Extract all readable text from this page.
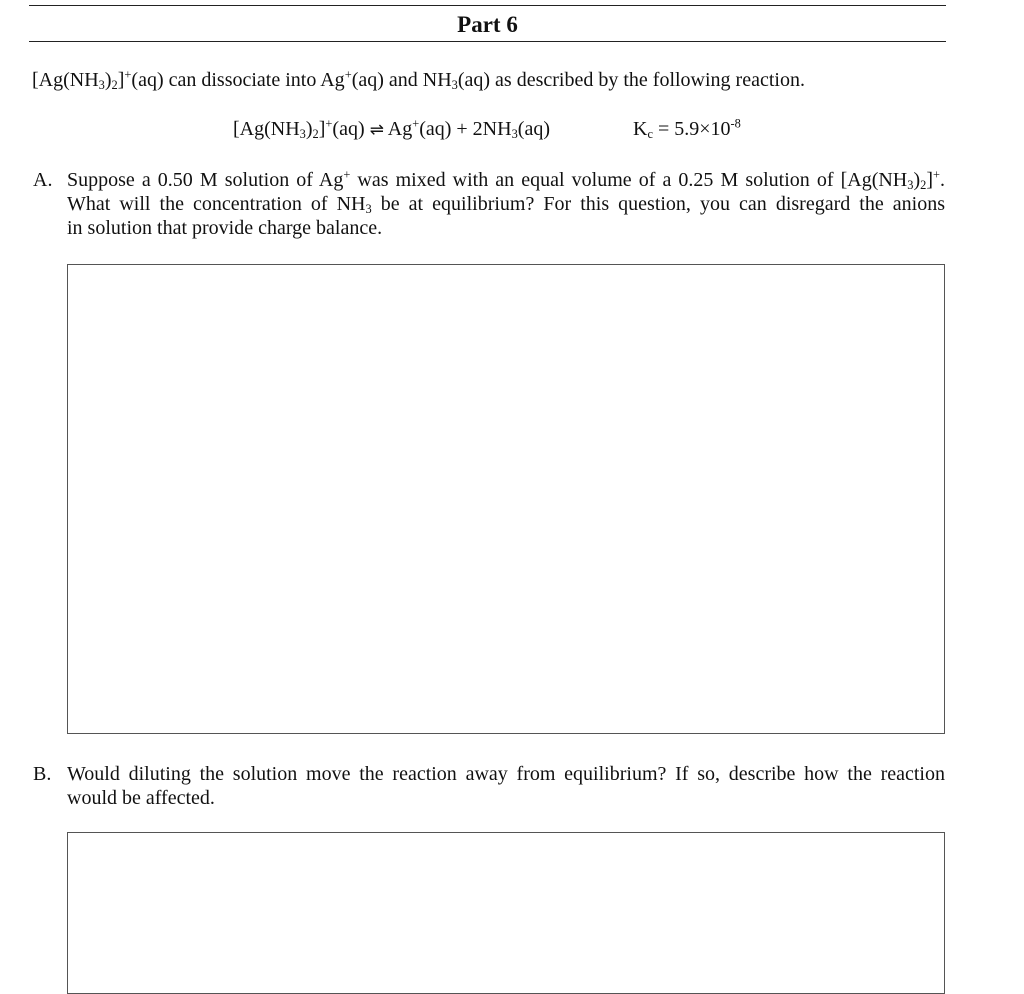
Part 6
$[Ag(NH_3)_2]^+(aq)$ can dissociate into Ag+(aq) and $NH_3(aq)$ as described by the following reaction.
$[Ag(NH_3)_2]^+(aq)$ ⇌ $Ag^+(aq) + 2NH_3(aq)$	$K_c = 5.9\times 10^{-8}$
A. Suppose a 0.50 M solution of Ag+ was mixed with an equal volume of a 0.25 M solution of $[Ag(NH_3)_2]^+$.
What will the concentration of $NH_3$ be at equilibrium? For this question, you can disregard the anions
in solution that provide charge balance.
B. Would diluting the solution move the reaction away from equilibrium? If so, describe how the reaction
would be affected.
